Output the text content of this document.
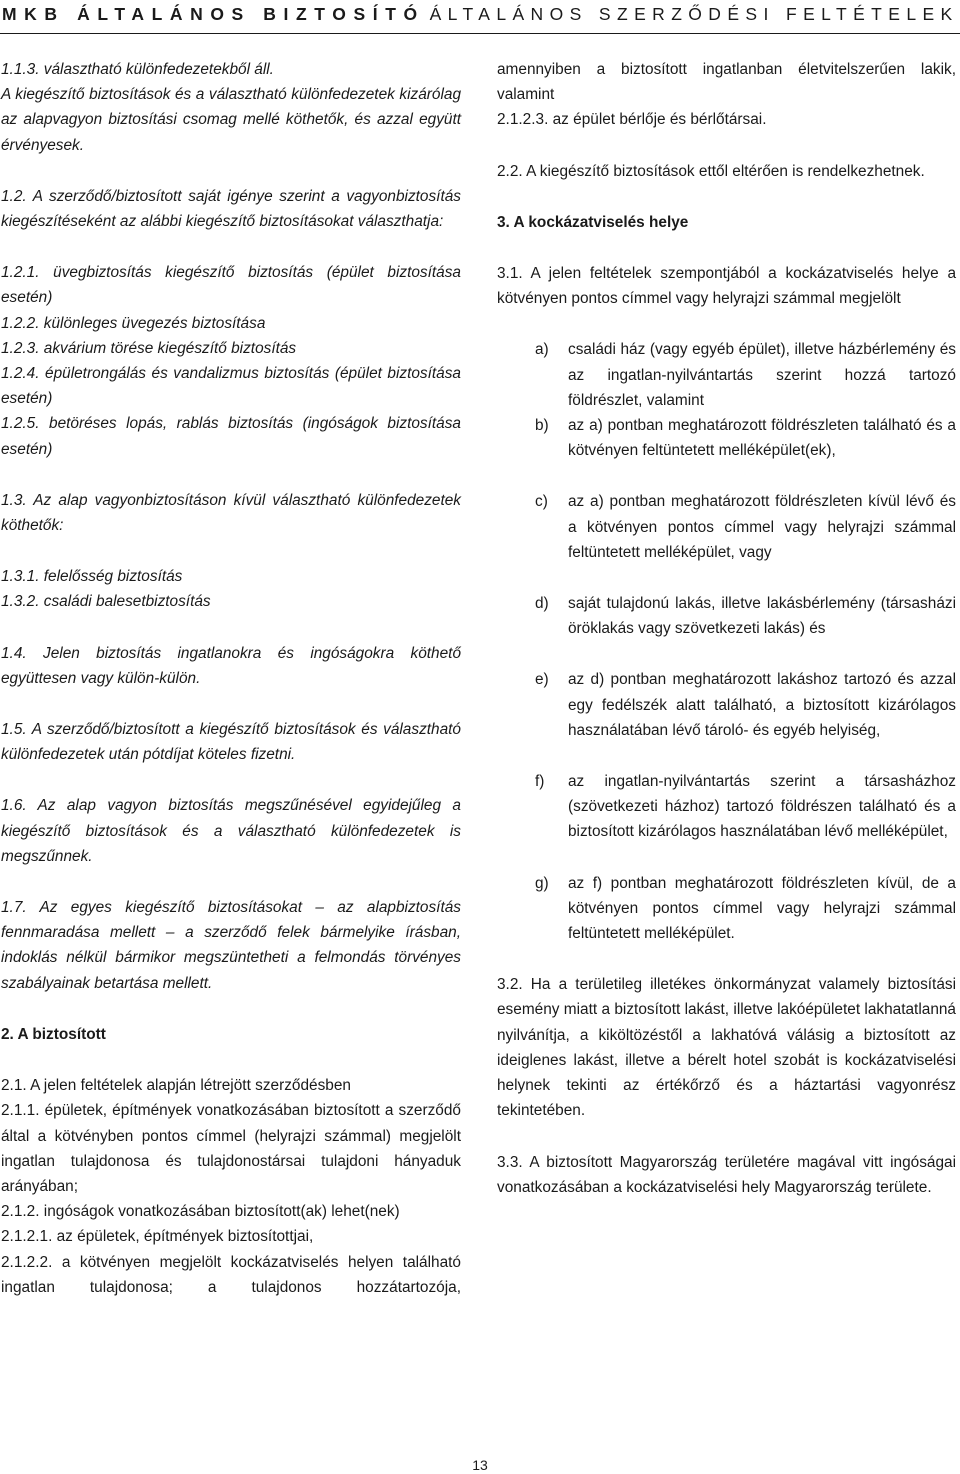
MKB ÁLTALÁNOS BIZTOSÍTÓ ÁLTALÁNOS SZERZŐDÉSI FELTÉTELEK

1.1.3. választható különfedezetekből áll.

A kiegészítő biztosítások és a választható különfedezetek kizárólag az alapvagyon biztosítási csomag mellé köthetők, és azzal együtt érvényesek.

1.2. A szerződő/biztosított saját igénye szerint a vagyonbiztosítás kiegészítéseként az alábbi kiegészítő biztosításokat választhatja:

1.2.1. üvegbiztosítás kiegészítő biztosítás (épület biztosítása esetén)

1.2.2. különleges üvegezés biztosítása

1.2.3. akvárium törése kiegészítő biztosítás

1.2.4. épületrongálás és vandalizmus biztosítás (épület biztosítása esetén)

1.2.5. betöréses lopás, rablás biztosítás (ingóságok biztosítása esetén)

1.3. Az alap vagyonbiztosításon kívül választható különfedezetek köthetők:

1.3.1. felelősség biztosítás

1.3.2. családi balesetbiztosítás

1.4. Jelen biztosítás ingatlanokra és ingóságokra köthető együttesen vagy külön-külön.

1.5. A szerződő/biztosított a kiegészítő biztosítások és választható különfedezetek után pótdíjat köteles fizetni.

1.6. Az alap vagyon biztosítás megszűnésével egyidejűleg a kiegészítő biztosítások és a választható különfedezetek is megszűnnek.

1.7. Az egyes kiegészítő biztosításokat – az alapbiztosítás fennmaradása mellett – a szerződő felek bármelyike írásban, indoklás nélkül bármikor megszüntetheti a felmondás törvényes szabályainak betartása mellett.

2. A biztosított

2.1. A jelen feltételek alapján létrejött szerződésben

2.1.1. épületek, építmények vonatkozásában biztosított a szerződő által a kötvényben pontos címmel (helyrajzi számmal) megjelölt ingatlan tulajdonosa és tulajdonostársai tulajdoni hányaduk arányában;

2.1.2. ingóságok vonatkozásában biztosított(ak) lehet(nek)

2.1.2.1. az épületek, építmények biztosítottjai,

2.1.2.2. a kötvényen megjelölt kockázatviselés helyen található ingatlan tulajdonosa; a tulajdonos hozzátartozója,

amennyiben a biztosított ingatlanban életvitelszerűen lakik, valamint

2.1.2.3. az épület bérlője és bérlőtársai.

2.2. A kiegészítő biztosítások ettől eltérően is rendelkezhetnek.

3. A kockázatviselés helye

3.1. A jelen feltételek szempontjából a kockázatviselés helye a kötvényen pontos címmel vagy helyrajzi számmal megjelölt

a) családi ház (vagy egyéb épület), illetve házbérlemény és az ingatlan-nyilvántartás szerint hozzá tartozó földrészlet, valamint
b) az a) pontban meghatározott földrészleten található és a kötvényen feltüntetett melléképület(ek),
c) az a) pontban meghatározott földrészleten kívül lévő és a kötvényen pontos címmel vagy helyrajzi számmal feltüntetett melléképület, vagy
d) saját tulajdonú lakás, illetve lakásbérlemény (társasházi öröklakás vagy szövetkezeti lakás) és
e) az d) pontban meghatározott lakáshoz tartozó és azzal egy fedélszék alatt található, a biztosított kizárólagos használatában lévő tároló- és egyéb helyiség,
f) az ingatlan-nyilvántartás szerint a társasházhoz (szövetkezeti házhoz) tartozó földrészen található és a biztosított kizárólagos használatában lévő melléképület,
g) az f) pontban meghatározott földrészleten kívül, de a kötvényen pontos címmel vagy helyrajzi számmal feltüntetett melléképület.

3.2. Ha a területileg illetékes önkormányzat valamely biztosítási esemény miatt a biztosított lakást, illetve lakóépületet lakhatatlanná nyilvánítja, a kiköltözéstől a lakhatóvá válásig a biztosított az ideiglenes lakást, illetve a bérelt hotel szobát is kockázatviselési helynek tekinti az értékőrző és a háztartási vagyonrész tekintetében.

3.3. A biztosított Magyarország területére magával vitt ingóságai vonatkozásában a kockázatviselési hely Magyarország területe.

13
